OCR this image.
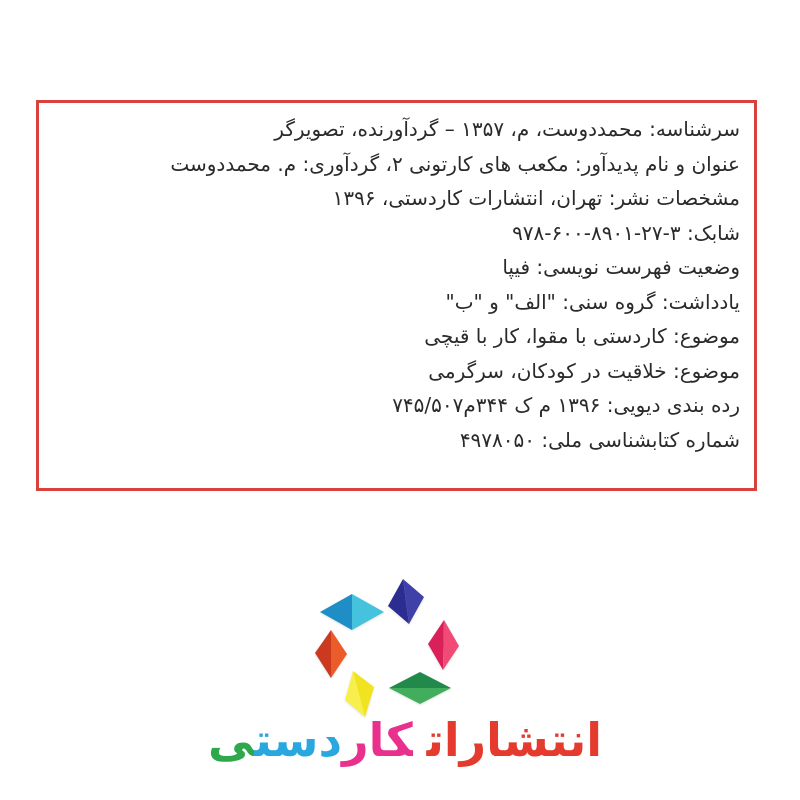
سرشناسه: محمددوست، م، ۱۳۵۷ – گردآورنده، تصویرگر
عنوان و نام پدیدآور: مکعب های کارتونی ۲، گردآوری: م. محمددوست
مشخصات نشر: تهران، انتشارات کاردستی، ۱۳۹۶
شابک: ۹۷۸-۶۰۰-۸۹۰۱-۲۷-۳
وضعیت فهرست نویسی: فیپا
یادداشت: گروه سنی: "الف" و "ب"
موضوع: کاردستی با مقوا، کار با قیچی
موضوع: خلاقیت در کودکان، سرگرمی
رده بندی دیویی: ۱۳۹۶ م ک ۳۴۴م۷۴۵/۵۰۷
شماره کتابشناسی ملی: ۴۹۷۸۰۵۰
انتشاراتکاردست‍‍ی
